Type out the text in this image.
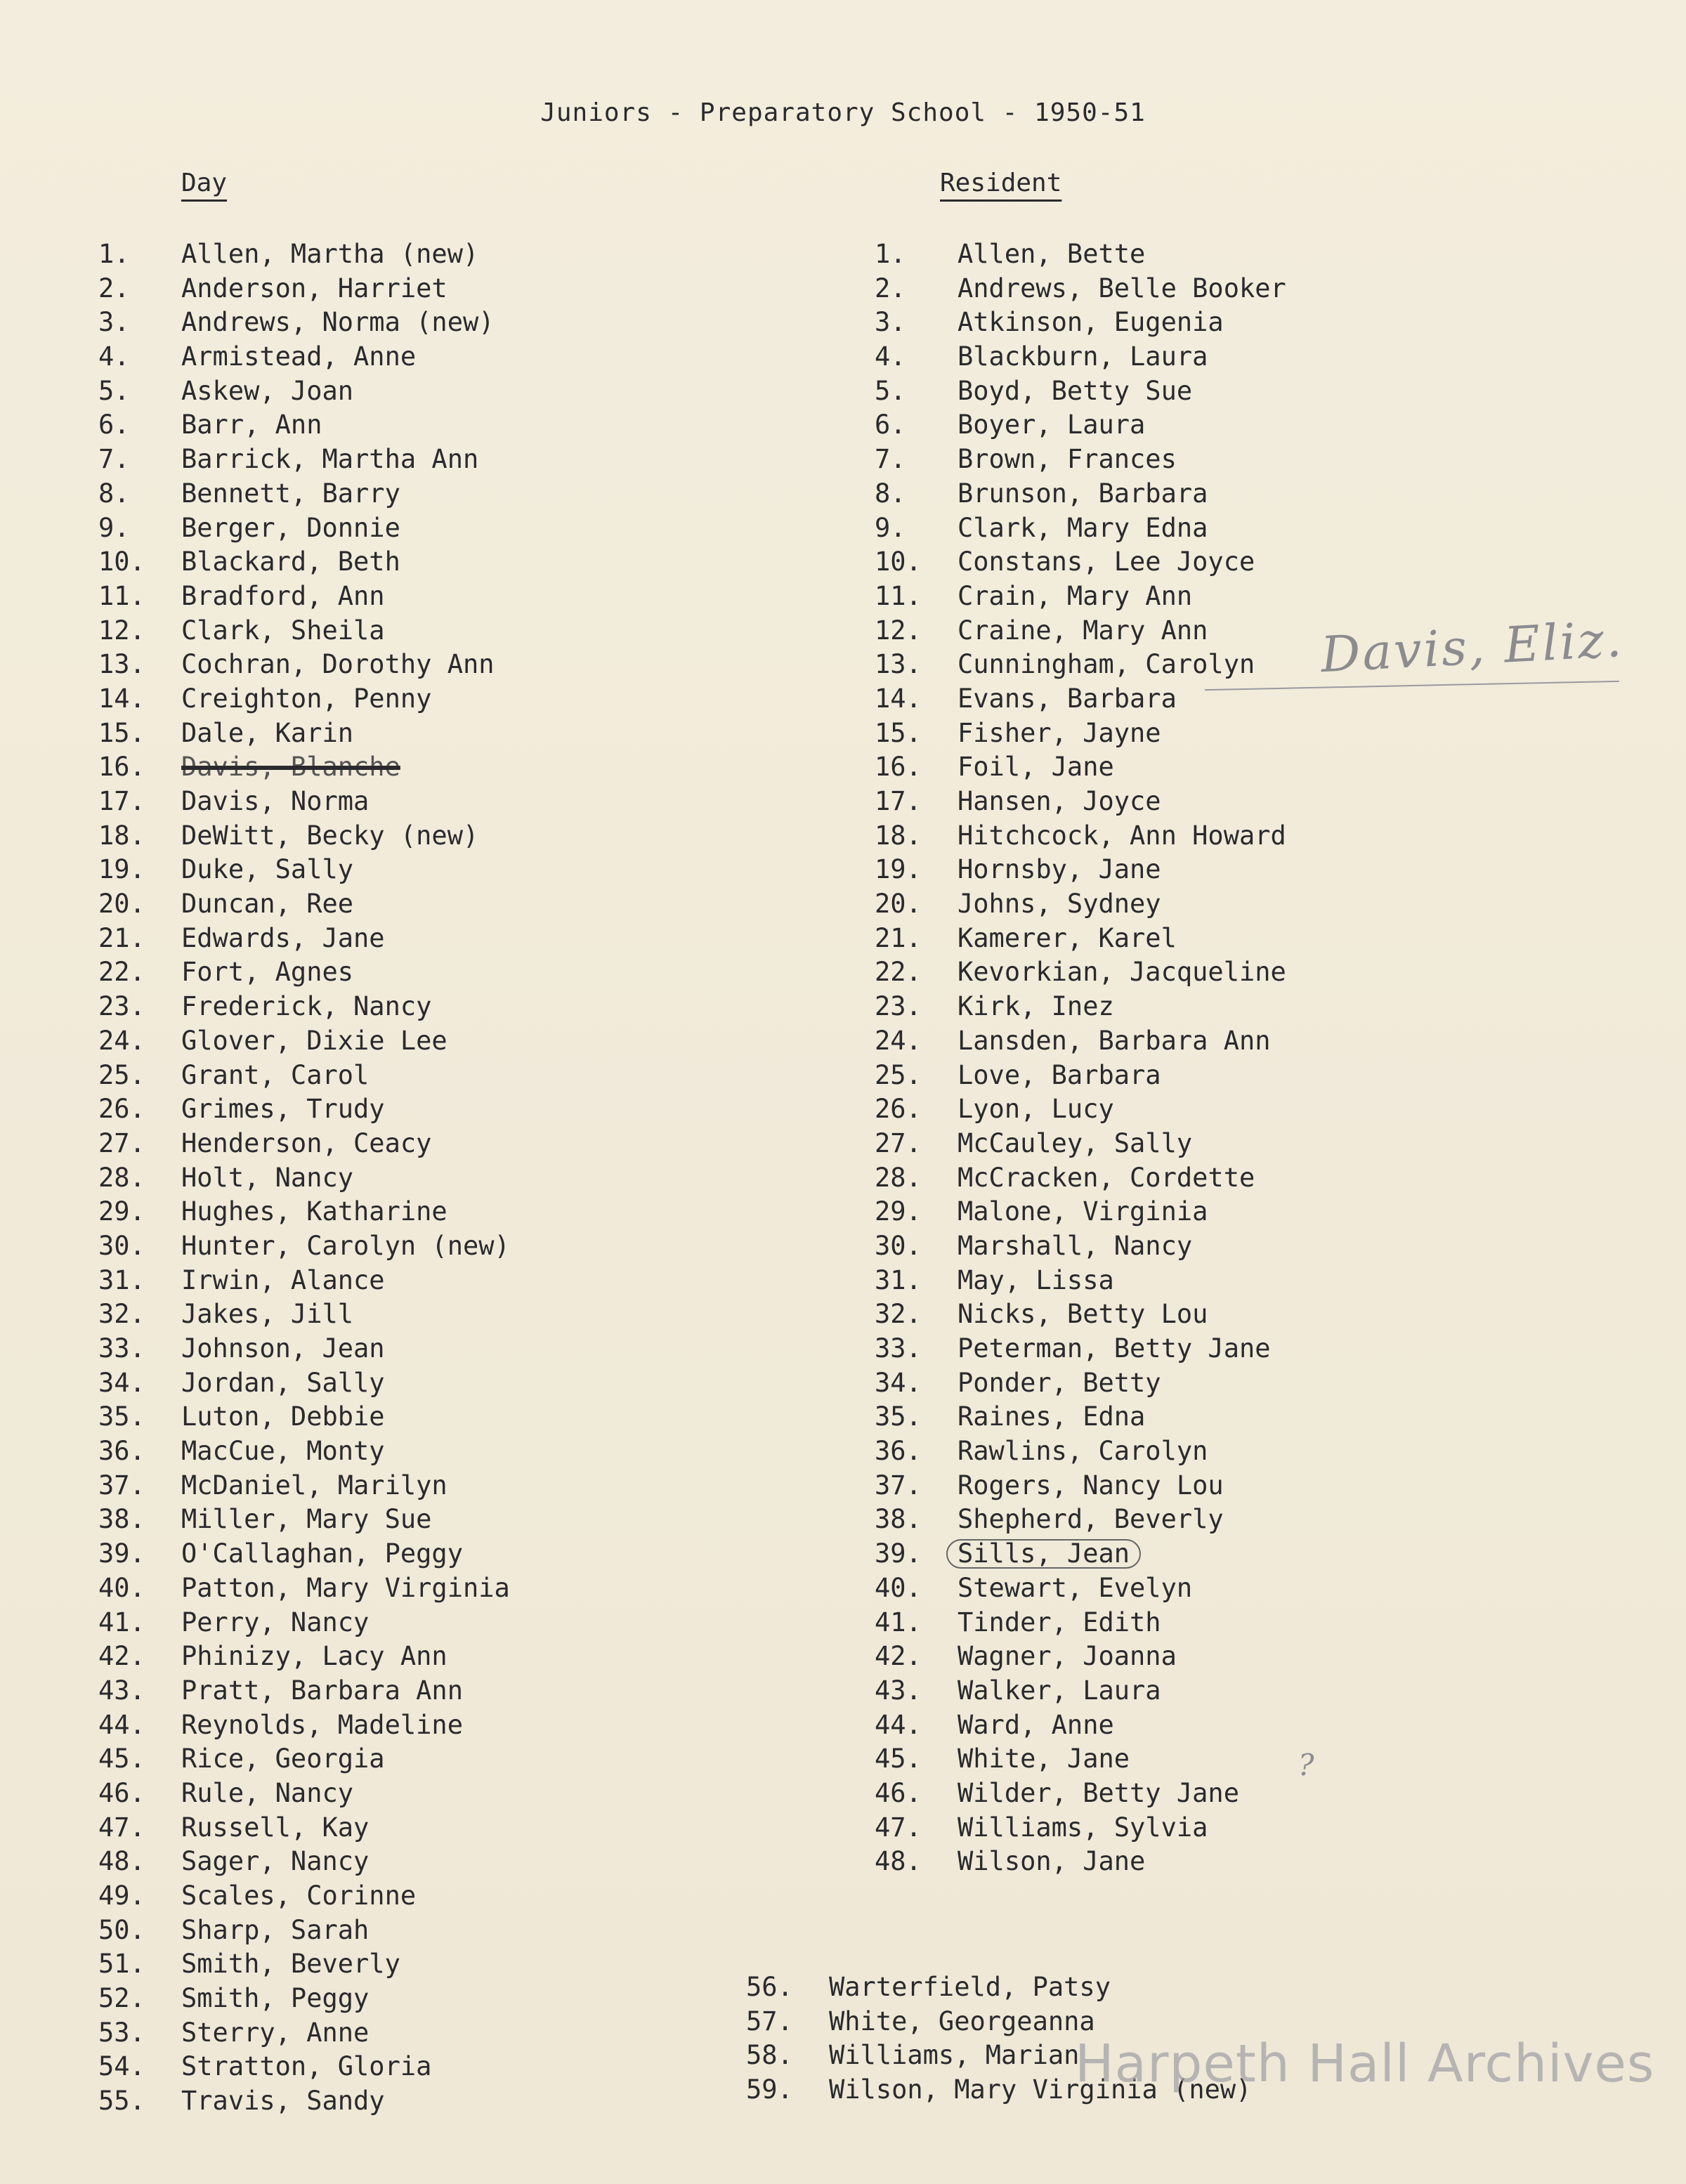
Juniors - Preparatory School - 1950-51
Day	Resident
1.	Allen, Martha (new)
2.	Anderson, Harriet
3.	Andrews, Norma (new)
4.	Armistead, Anne
5.	Askew, Joan
6.	Barr, Ann
7.	Barrick, Martha Ann
8.	Bennett, Barry
9.	Berger, Donnie
10.	Blackard, Beth
11.	Bradford, Ann
12.	Clark, Sheila
13.	Cochran, Dorothy Ann
14.	Creighton, Penny
15.	Dale, Karin
16.	Davis, Blanche
17.	Davis, Norma
18.	DeWitt, Becky (new)
19.	Duke, Sally
20.	Duncan, Ree
21.	Edwards, Jane
22.	Fort, Agnes
23.	Frederick, Nancy
24.	Glover, Dixie Lee
25.	Grant, Carol
26.	Grimes, Trudy
27.	Henderson, Ceacy
28.	Holt, Nancy
29.	Hughes, Katharine
30.	Hunter, Carolyn (new)
31.	Irwin, Alance
32.	Jakes, Jill
33.	Johnson, Jean
34.	Jordan, Sally
35.	Luton, Debbie
36.	MacCue, Monty
37.	McDaniel, Marilyn
38.	Miller, Mary Sue
39.	O'Callaghan, Peggy
40.	Patton, Mary Virginia
41.	Perry, Nancy
42.	Phinizy, Lacy Ann
43.	Pratt, Barbara Ann
44.	Reynolds, Madeline
45.	Rice, Georgia
46.	Rule, Nancy
47.	Russell, Kay
48.	Sager, Nancy
49.	Scales, Corinne
50.	Sharp, Sarah
51.	Smith, Beverly
52.	Smith, Peggy
53.	Sterry, Anne
54.	Stratton, Gloria
55.	Travis, Sandy
1.	Allen, Bette
2.	Andrews, Belle Booker
3.	Atkinson, Eugenia
4.	Blackburn, Laura
5.	Boyd, Betty Sue
6.	Boyer, Laura
7.	Brown, Frances
8.	Brunson, Barbara
9.	Clark, Mary Edna
10.	Constans, Lee Joyce
11.	Crain, Mary Ann
12.	Craine, Mary Ann
13.	Cunningham, Carolyn
14.	Evans, Barbara
15.	Fisher, Jayne
16.	Foil, Jane
17.	Hansen, Joyce
18.	Hitchcock, Ann Howard
19.	Hornsby, Jane
20.	Johns, Sydney
21.	Kamerer, Karel
22.	Kevorkian, Jacqueline
23.	Kirk, Inez
24.	Lansden, Barbara Ann
25.	Love, Barbara
26.	Lyon, Lucy
27.	McCauley, Sally
28.	McCracken, Cordette
29.	Malone, Virginia
30.	Marshall, Nancy
31.	May, Lissa
32.	Nicks, Betty Lou
33.	Peterman, Betty Jane
34.	Ponder, Betty
35.	Raines, Edna
36.	Rawlins, Carolyn
37.	Rogers, Nancy Lou
38.	Shepherd, Beverly
39.	Sills, Jean
40.	Stewart, Evelyn
41.	Tinder, Edith
42.	Wagner, Joanna
43.	Walker, Laura
44.	Ward, Anne
45.	White, Jane
46.	Wilder, Betty Jane
47.	Williams, Sylvia
48.	Wilson, Jane
56.	Warterfield, Patsy
57.	White, Georgeanna
58.	Williams, Marian
59.	Wilson, Mary Virginia (new)
Davis, Eliz.
?
Harpeth Hall Archives
